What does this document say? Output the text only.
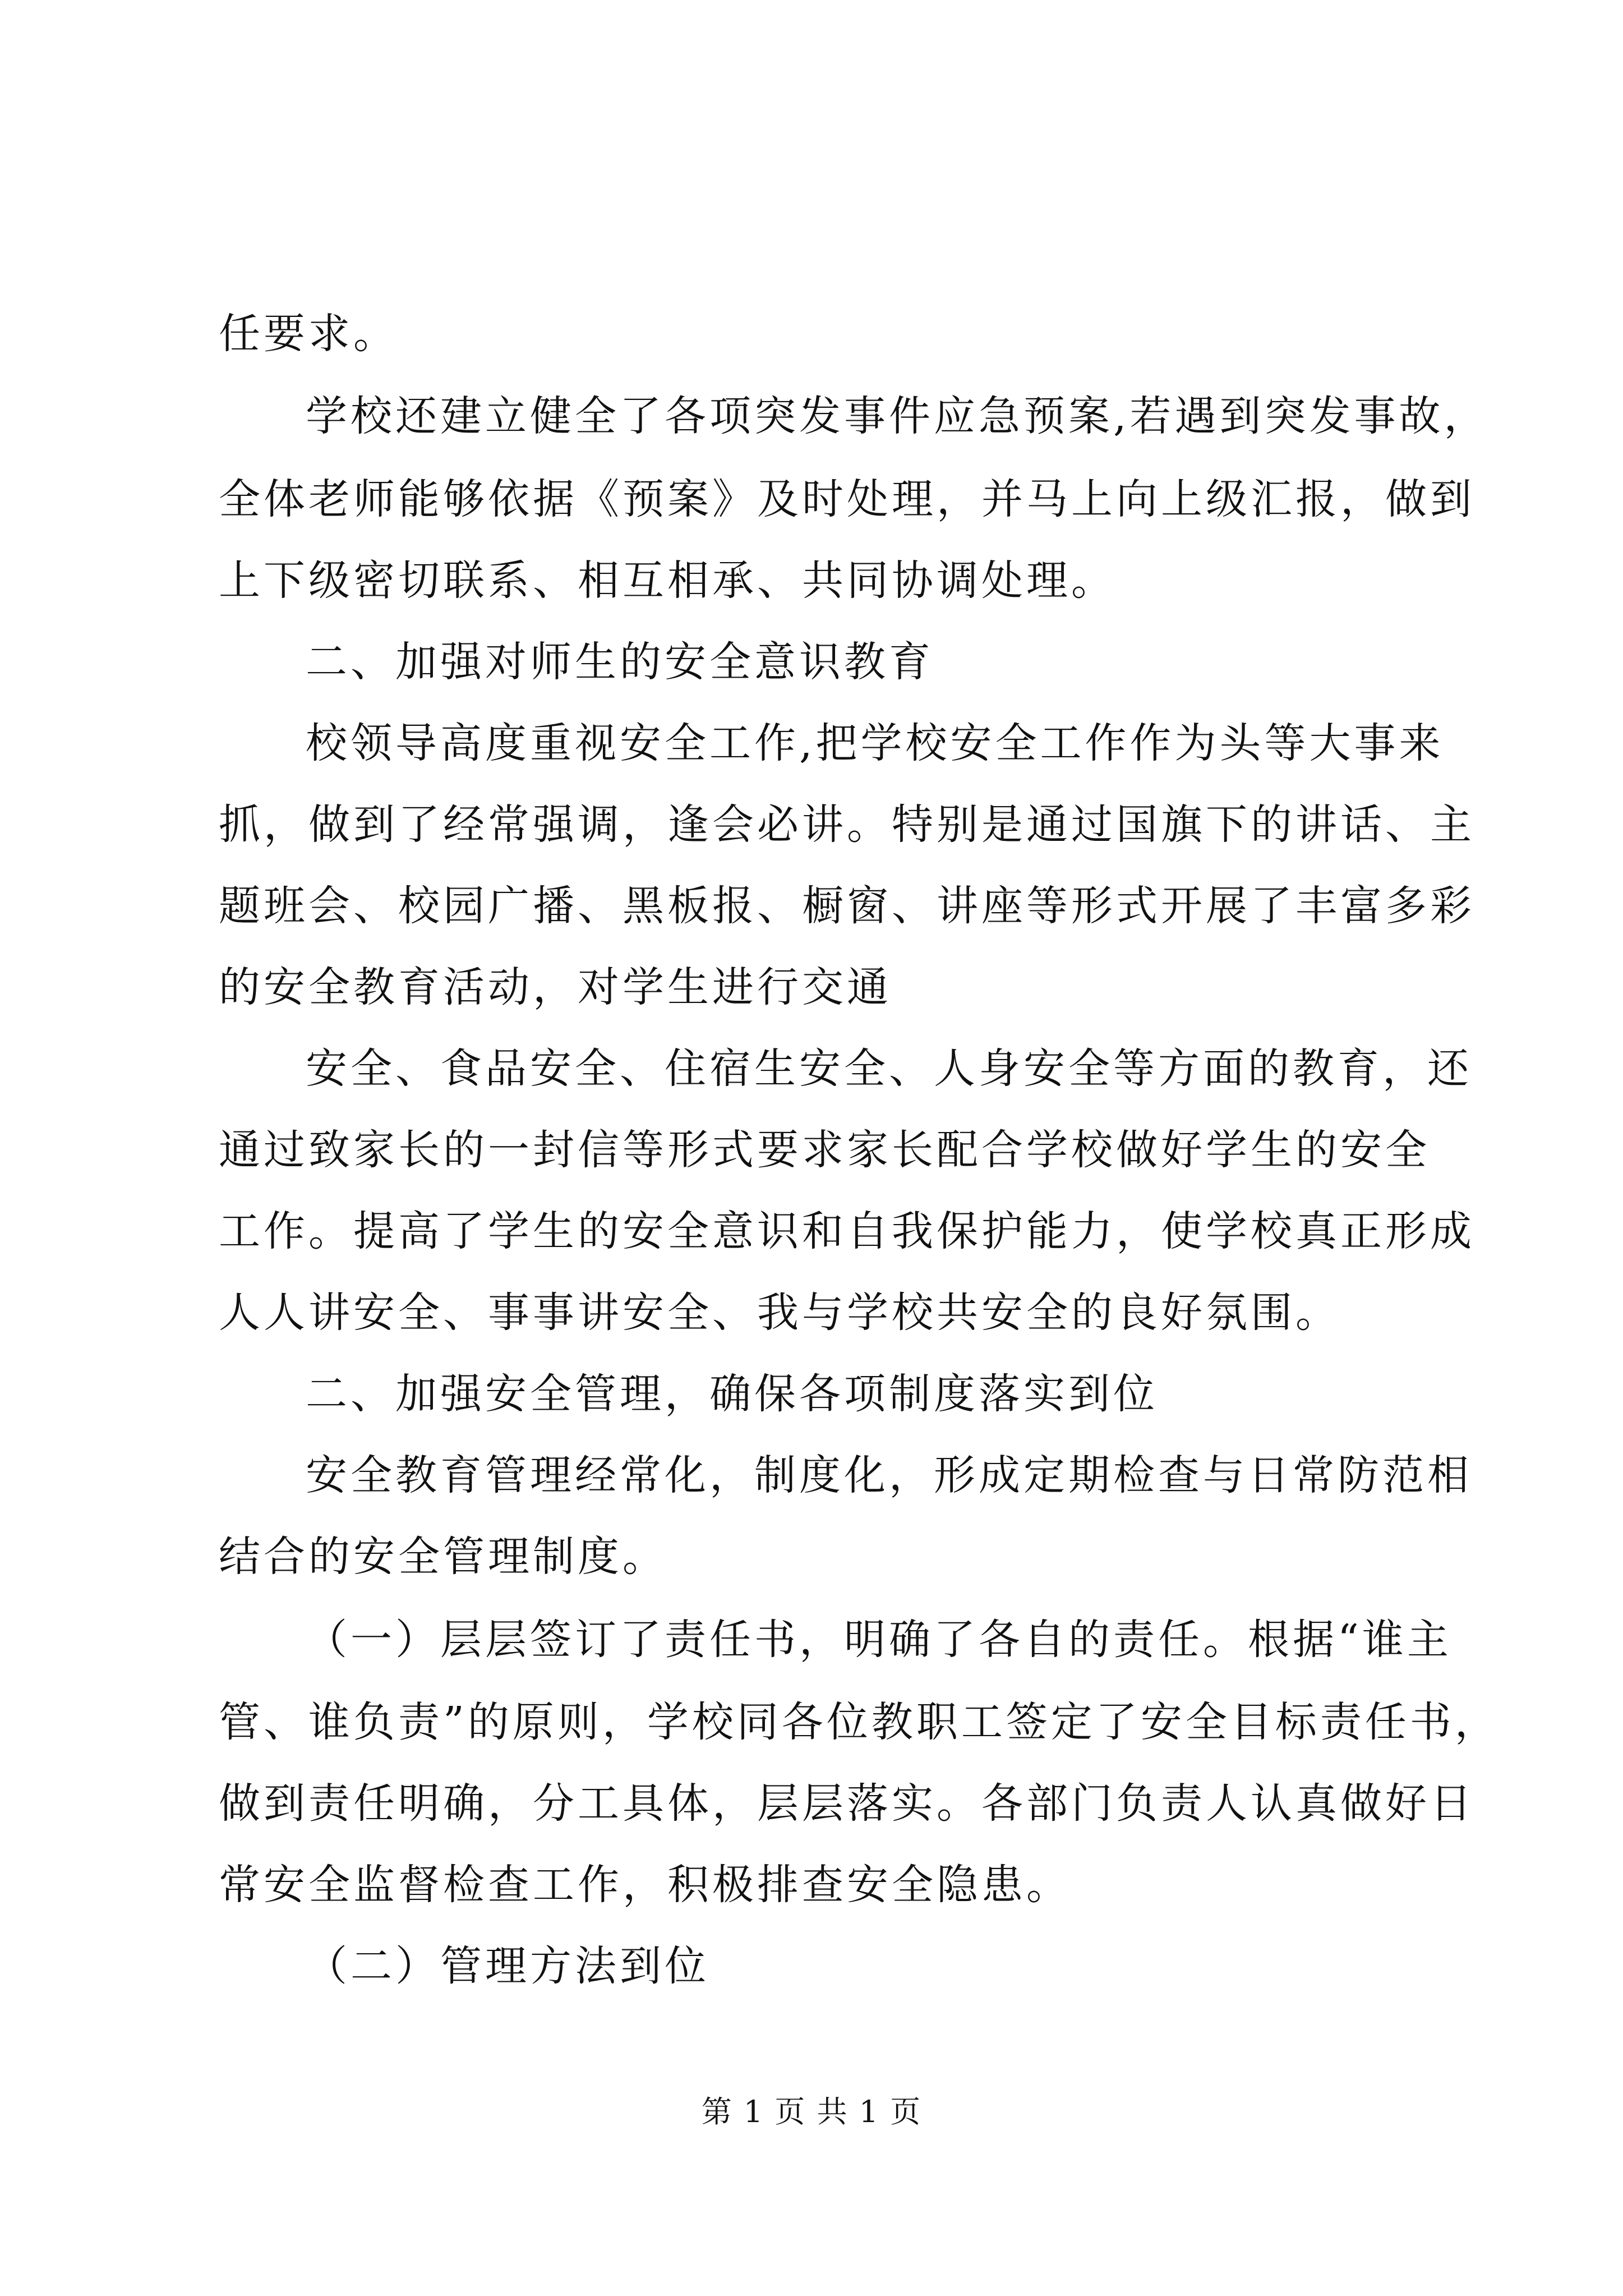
任要求。
学校还建立健全了各项突发事件应急预案,若遇到突发事故，
全体老师能够依据《预案》及时处理，并马上向上级汇报，做到
上下级密切联系、相互相承、共同协调处理。
二、加强对师生的安全意识教育
校领导高度重视安全工作,把学校安全工作作为头等大事来
抓，做到了经常强调，逢会必讲。特别是通过国旗下的讲话、主
题班会、校园广播、黑板报、橱窗、讲座等形式开展了丰富多彩
的安全教育活动，对学生进行交通
安全、食品安全、住宿生安全、人身安全等方面的教育，还
通过致家长的一封信等形式要求家长配合学校做好学生的安全
工作。提高了学生的安全意识和自我保护能力，使学校真正形成
人人讲安全、事事讲安全、我与学校共安全的良好氛围。
二、加强安全管理，确保各项制度落实到位
安全教育管理经常化，制度化，形成定期检查与日常防范相
结合的安全管理制度。
（一）层层签订了责任书，明确了各自的责任。根据“谁主
管、谁负责”的原则，学校同各位教职工签定了安全目标责任书，
做到责任明确，分工具体，层层落实。各部门负责人认真做好日
常安全监督检查工作，积极排查安全隐患。
（二）管理方法到位
第 1 页 共 1 页
